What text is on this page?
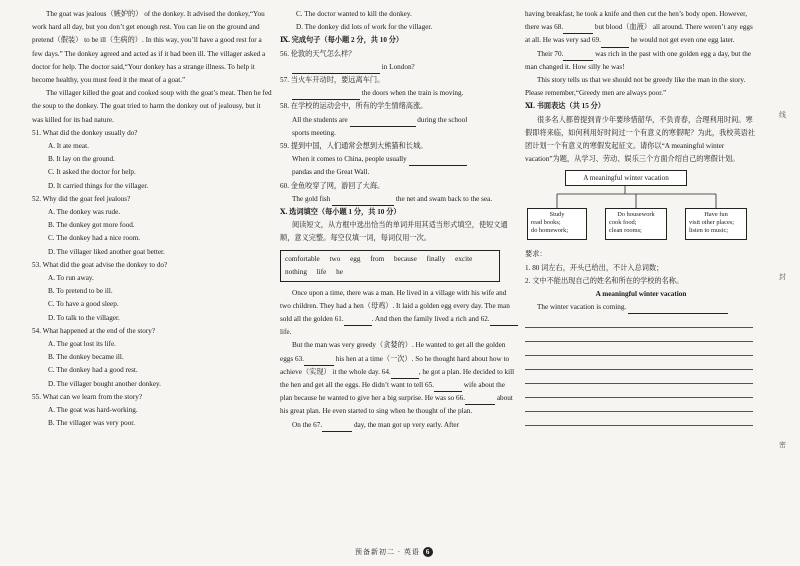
The goat was jealous（嫉妒的） of the donkey. It advised the donkey,“You work hard all day, but you don’t get enough rest. You can lie on the ground and pretend（假装） to be ill（生病的）. In this way, you’ll have a good rest for a few days.” The donkey agreed and acted as if it had been ill. The villager asked a doctor for help. The doctor said,“Your donkey has a strange illness. To help it become healthy, you must feed it the meat of a goat.”

The villager killed the goat and cooked soup with the goat’s meat. Then he fed the soup to the donkey. The goat tried to harm the donkey out of jealousy, but it was killed for its bad nature.

51. What did the donkey usually do?

A. It ate meat.

B. It lay on the ground.

C. It asked the doctor for help.

D. It carried things for the villager.

52. Why did the goat feel jealous?

A. The donkey was rude.

B. The donkey got more food.

C. The donkey had a nice room.

D. The villager liked another goat better.

53. What did the goat advise the donkey to do?

A. To run away.

B. To pretend to be ill.

C. To have a good sleep.

D. To talk to the villager.

54. What happened at the end of the story?

A. The goat lost its life.

B. The donkey became ill.

C. The donkey had a good rest.

D. The villager bought another donkey.

55. What can we learn from the story?

A. The goat was hard-working.

B. The villager was very poor.

C. The doctor wanted to kill the donkey.

D. The donkey did lots of work for the villager.

Ⅸ. 完成句子（每小题 2 分，共 10 分）

56. 伦敦的天气怎么样？

in London?

57. 当火车开动时，要远离车门。

the doors when the train is moving.

58. 在学校的运动会中，所有的学生情绪高涨。

All the students are	during the school

sports meeting.

59. 提到中国，人们通常会想到大熊猫和长城。

When it comes to China, people usually

pandas and the Great Wall.

60. 金鱼咬穿了网，游回了大海。

The gold fish	the net and swam back to the sea.

Ⅹ. 选词填空（每小题 1 分，共 10 分）

阅读短文，从方框中选出恰当的单词并用其适当形式填空，使短文通顺，意义完整。每空仅填一词，每词仅用一次。

comfortable two egg from because finally excite
nothing life he

Once upon a time, there was a man. He lived in a village with his wife and two children. They had a hen（母鸡）. It laid a golden egg every day. The man sold all the golden 61.	. And then the family lived a rich and 62. life.

But the man was very greedy（贪婪的）. He wanted to get all the golden eggs 63.	his hen at a time（一次）. So he thought hard about how to achieve（实现） it the whole day. 64.	, he got a plan. He decided to kill the hen and get all the eggs. He didn’t want to tell 65.	wife about the plan because he wanted to give her a big surprise. He was so 66.	about his great plan. He even started to sing when he thought of the plan.

On the 67.	day, the man got up very early. After

having breakfast, he took a knife and then cut the hen’s body open. However, there was 68.	but blood（血液） all around. There weren’t any eggs at all. He was very sad 69.	he would not get even one egg later.

Their 70.	was rich in the past with one golden egg a day, but the man changed it. How silly he was!

This story tells us that we should not be greedy like the man in the story. Please remember,“Greedy men are always poor.”

Ⅺ. 书面表达（共 15 分）

很多名人都曾提到青少年要珍惜韶华，不负青春，合理利用时间。寒假即将来临，如何利用好时间过一个有意义的寒假呢？为此，我校英语社团计划一个有意义的寒假发起征文。请你以“A meaningful winter vacation”为题，从学习、劳动、娱乐三个方面介绍自己的寒假计划。

A meaningful winter vacation
Study
read books;
do homework;
...
Do housework
cook food;
clean rooms;
...
Have fun
visit other places;
listen to music;
...

要求：

1. 80 词左右，开头已给出，不计入总词数；

2. 文中不能出现自己的姓名和所在的学校的名称。

A meaningful winter vacation

The winter vacation is coming.

线
封
密
预备新初二 · 英语 6
